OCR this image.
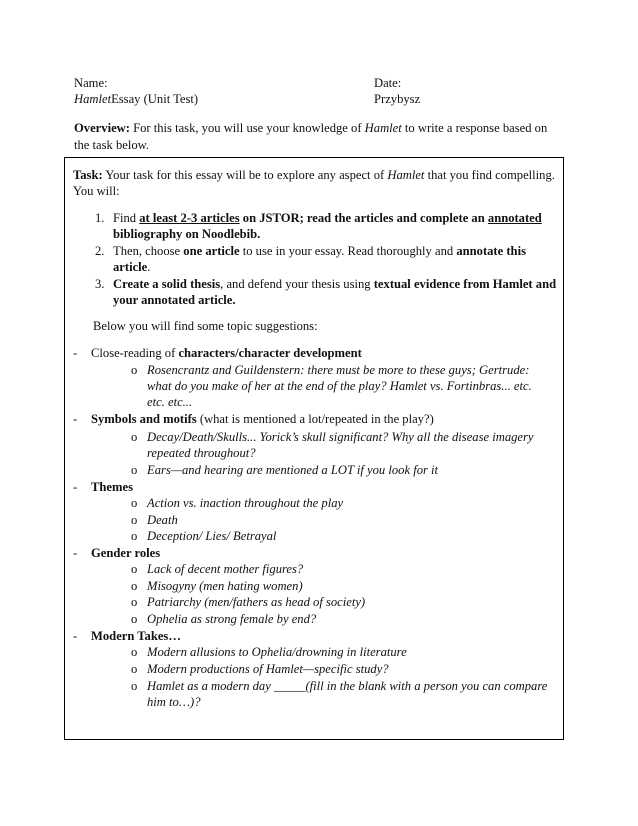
Name:
HamletEssay (Unit Test)
Date:
Przybysz
Overview: For this task, you will use your knowledge of Hamlet to write a response based on the task below.
Task: Your task for this essay will be to explore any aspect of Hamlet that you find compelling.
You will:
1. Find at least 2-3 articles on JSTOR; read the articles and complete an annotated
bibliography on Noodlebib.
2. Then, choose one article to use in your essay. Read thoroughly and annotate this
article.
3. Create a solid thesis, and defend your thesis using textual evidence from Hamlet and
your annotated article.
Below you will find some topic suggestions:
- Close-reading of characters/character development
o Rosencrantz and Guildenstern: there must be more to these guys; Gertrude:
what do you make of her at the end of the play? Hamlet vs. Fortinbras... etc.
etc. etc...
- Symbols and motifs (what is mentioned a lot/repeated in the play?)
o Decay/Death/Skulls... Yorick’s skull significant? Why all the disease imagery
repeated throughout?
o Ears—and hearing are mentioned a LOT if you look for it
- Themes
o Action vs. inaction throughout the play
o Death
o Deception/ Lies/ Betrayal
- Gender roles
o Lack of decent mother figures?
o Misogyny (men hating women)
o Patriarchy (men/fathers as head of society)
o Ophelia as strong female by end?
- Modern Takes…
o Modern allusions to Ophelia/drowning in literature
o Modern productions of Hamlet—specific study?
o Hamlet as a modern day _____(fill in the blank with a person you can compare
him to…)?
